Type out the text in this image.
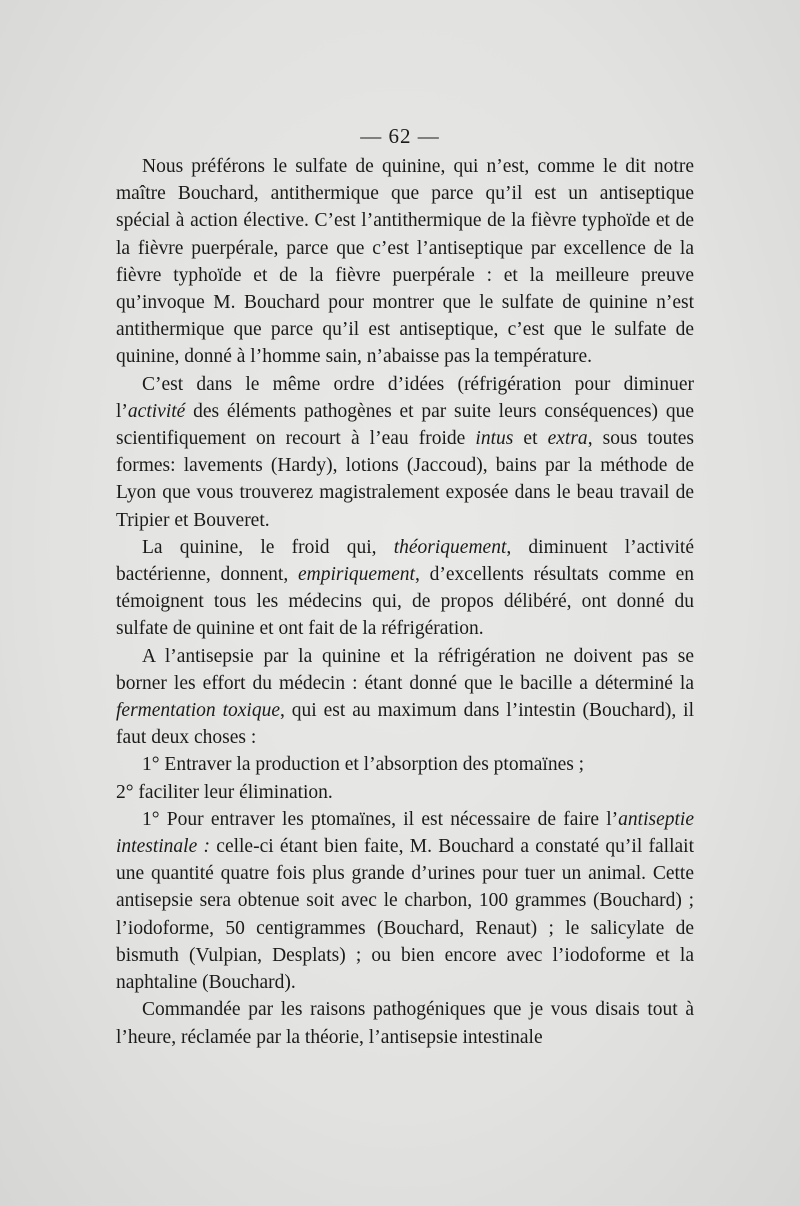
— 62 —

Nous préférons le sulfate de quinine, qui n’est, comme le dit notre maître Bouchard, antithermique que parce qu’il est un antiseptique spécial à action élective. C’est l’antithermique de la fièvre typhoïde et de la fièvre puerpérale, parce que c’est l’antiseptique par excellence de la fièvre typhoïde et de la fièvre puerpérale : et la meilleure preuve qu’invoque M. Bouchard pour montrer que le sulfate de quinine n’est antithermique que parce qu’il est antiseptique, c’est que le sulfate de quinine, donné à l’homme sain, n’abaisse pas la température.

C’est dans le même ordre d’idées (réfrigération pour diminuer l’activité des éléments pathogènes et par suite leurs conséquences) que scientifiquement on recourt à l’eau froide intus et extra, sous toutes formes: lavements (Hardy), lotions (Jaccoud), bains par la méthode de Lyon que vous trouverez magistralement exposée dans le beau travail de Tripier et Bouveret.

La quinine, le froid qui, théoriquement, diminuent l’activité bactérienne, donnent, empiriquement, d’excellents résultats comme en témoignent tous les médecins qui, de propos délibéré, ont donné du sulfate de quinine et ont fait de la réfrigération.

A l’antisepsie par la quinine et la réfrigération ne doivent pas se borner les effort du médecin : étant donné que le bacille a déterminé la fermentation toxique, qui est au maximum dans l’intestin (Bouchard), il faut deux choses :

1° Entraver la production et l’absorption des ptomaïnes ;
2° faciliter leur élimination.

1° Pour entraver les ptomaïnes, il est nécessaire de faire l’antiseptie intestinale : celle-ci étant bien faite, M. Bouchard a constaté qu’il fallait une quantité quatre fois plus grande d’urines pour tuer un animal. Cette antisepsie sera obtenue soit avec le charbon, 100 grammes (Bouchard) ; l’iodoforme, 50 centigrammes (Bouchard, Renaut) ; le salicylate de bismuth (Vulpian, Desplats) ; ou bien encore avec l’iodoforme et la naphtaline (Bouchard).

Commandée par les raisons pathogéniques que je vous disais tout à l’heure, réclamée par la théorie, l’antisepsie intestinale
